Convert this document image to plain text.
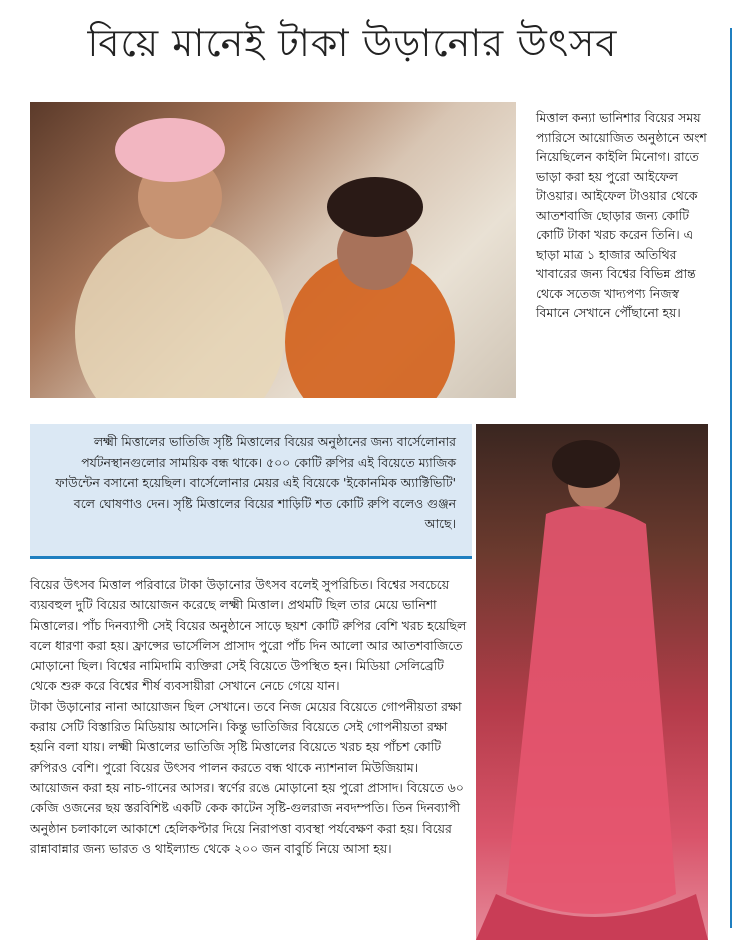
বিয়ে মানেই টাকা উড়ানোর উৎসব
মিত্তাল কন্যা ভানিশার বিয়ের সময় প্যারিসে আয়োজিত অনুষ্ঠানে অংশ নিয়েছিলেন কাইলি মিনোগ। রাতে ভাড়া করা হয় পুরো আইফেল টাওয়ার। আইফেল টাওয়ার থেকে আতশবাজি ছোড়ার জন্য কোটি কোটি টাকা খরচ করেন তিনি। এ ছাড়া মাত্র ১ হাজার অতিথির খাবারের জন্য বিশ্বের বিভিন্ন প্রান্ত থেকে সতেজ খাদ্যপণ্য নিজস্ব বিমানে সেখানে পৌঁছানো হয়।
লক্ষ্মী মিত্তালের ভাতিজি সৃষ্টি মিত্তালের বিয়ের অনুষ্ঠানের জন্য বার্সেলোনার পর্যটনস্থানগুলোর সাময়িক বন্ধ থাকে। ৫০০ কোটি রুপির এই বিয়েতে ম্যাজিক ফাউন্টেন বসানো হয়েছিল। বার্সেলোনার মেয়র এই বিয়েকে 'ইকোনমিক অ্যাক্টিভিটি' বলে ঘোষণাও দেন। সৃষ্টি মিত্তালের বিয়ের শাড়িটি শত কোটি রুপি বলেও গুঞ্জন আছে।

বিয়ের উৎসব মিত্তাল পরিবারে টাকা উড়ানোর উৎসব বলেই সুপরিচিত। বিশ্বের সবচেয়ে ব্যয়বহুল দুটি বিয়ের আয়োজন করেছে লক্ষ্মী মিত্তাল। প্রথমটি ছিল তার মেয়ে ভানিশা মিত্তালের। পাঁচ দিনব্যাপী সেই বিয়ের অনুষ্ঠানে সাড়ে ছয়শ কোটি রুপির বেশি খরচ হয়েছিল বলে ধারণা করা হয়। ফ্রান্সের ভার্সেলিস প্রাসাদ পুরো পাঁচ দিন আলো আর আতশবাজিতে মোড়ানো ছিল। বিশ্বের নামিদামি ব্যক্তিরা সেই বিয়েতে উপস্থিত হন। মিডিয়া সেলিব্রেটি থেকে শুরু করে বিশ্বের শীর্ষ ব্যবসায়ীরা সেখানে নেচে গেয়ে যান।

টাকা উড়ানোর নানা আয়োজন ছিল সেখানে। তবে নিজ মেয়ের বিয়েতে গোপনীয়তা রক্ষা করায় সেটি বিস্তারিত মিডিয়ায় আসেনি। কিন্তু ভাতিজির বিয়েতে সেই গোপনীয়তা রক্ষা হয়নি বলা যায়। লক্ষ্মী মিত্তালের ভাতিজি সৃষ্টি মিত্তালের বিয়েতে খরচ হয় পাঁচশ কোটি রুপিরও বেশি। পুরো বিয়ের উৎসব পালন করতে বন্ধ থাকে ন্যাশনাল মিউজিয়াম। আয়োজন করা হয় নাচ-গানের আসর। স্বর্ণের রঙে মোড়ানো হয় পুরো প্রাসাদ। বিয়েতে ৬০ কেজি ওজনের ছয় স্তরবিশিষ্ট একটি কেক কাটেন সৃষ্টি-গুলরাজ নবদম্পতি। তিন দিনব্যাপী অনুষ্ঠান চলাকালে আকাশে হেলিকপ্টার দিয়ে নিরাপত্তা ব্যবস্থা পর্যবেক্ষণ করা হয়। বিয়ের রান্নাবান্নার জন্য ভারত ও থাইল্যান্ড থেকে ২০০ জন বাবুর্চি নিয়ে আসা হয়।
